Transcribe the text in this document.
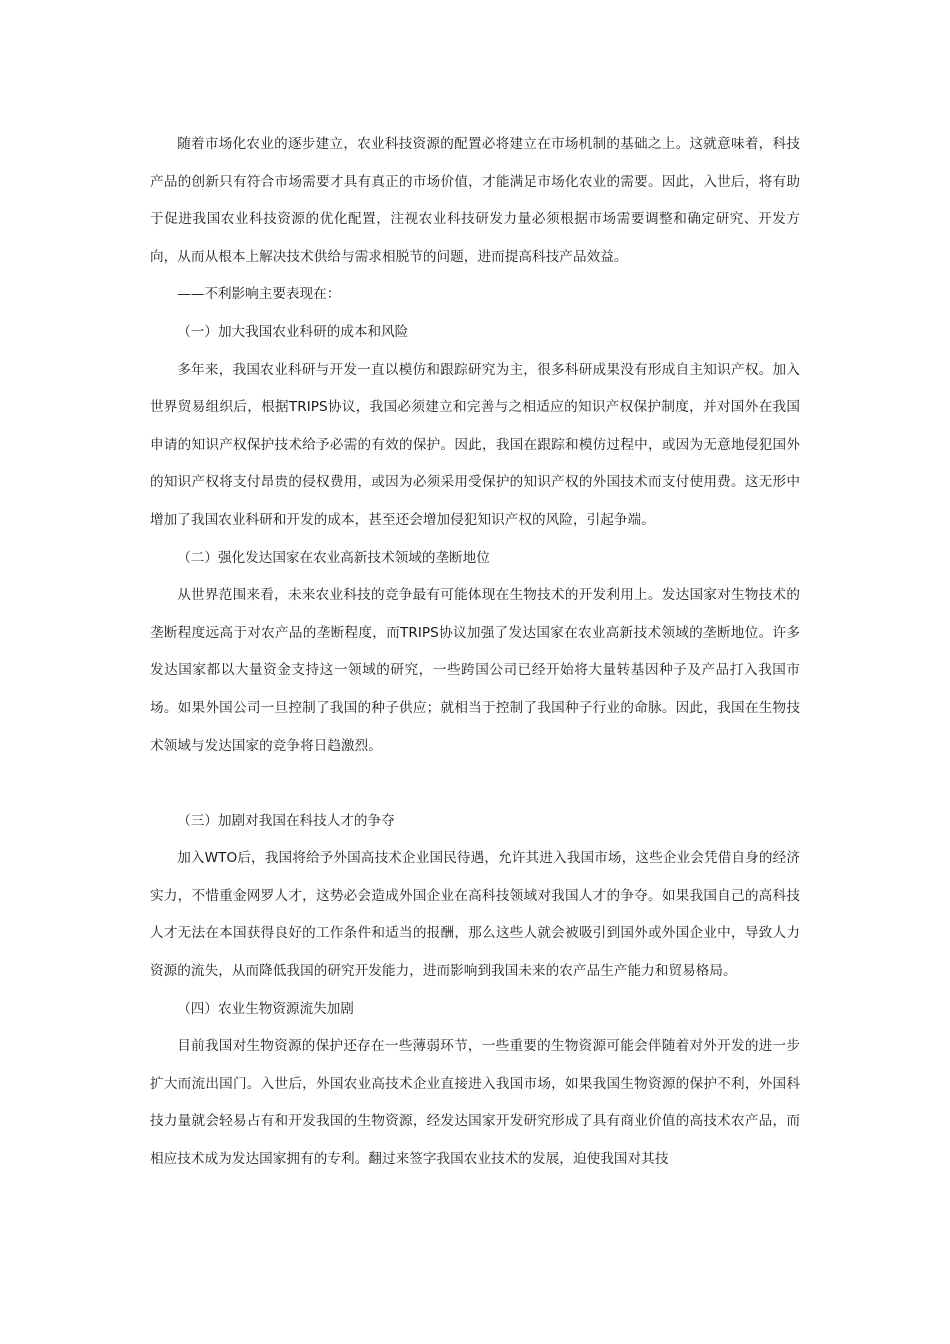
随着市场化农业的逐步建立，农业科技资源的配置必将建立在市场机制的基础之上。这就意味着，科技产品的创新只有符合市场需要才具有真正的市场价值，才能满足市场化农业的需要。因此，入世后，将有助于促进我国农业科技资源的优化配置，注视农业科技研发力量必须根据市场需要调整和确定研究、开发方向，从而从根本上解决技术供给与需求相脱节的问题，进而提高科技产品效益。

——不利影响主要表现在：

（一）加大我国农业科研的成本和风险

多年来，我国农业科研与开发一直以模仿和跟踪研究为主，很多科研成果没有形成自主知识产权。加入世界贸易组织后，根据TRIPS协议，我国必须建立和完善与之相适应的知识产权保护制度，并对国外在我国申请的知识产权保护技术给予必需的有效的保护。因此，我国在跟踪和模仿过程中，或因为无意地侵犯国外的知识产权将支付昂贵的侵权费用，或因为必须采用受保护的知识产权的外国技术而支付使用费。这无形中增加了我国农业科研和开发的成本，甚至还会增加侵犯知识产权的风险，引起争端。

（二）强化发达国家在农业高新技术领域的垄断地位

从世界范围来看，未来农业科技的竞争最有可能体现在生物技术的开发利用上。发达国家对生物技术的垄断程度远高于对农产品的垄断程度，而TRIPS协议加强了发达国家在农业高新技术领域的垄断地位。许多发达国家都以大量资金支持这一领域的研究，一些跨国公司已经开始将大量转基因种子及产品打入我国市场。如果外国公司一旦控制了我国的种子供应；就相当于控制了我国种子行业的命脉。因此，我国在生物技术领域与发达国家的竞争将日趋激烈。

（三）加剧对我国在科技人才的争夺

加入WTO后，我国将给予外国高技术企业国民待遇，允许其进入我国市场，这些企业会凭借自身的经济实力，不惜重金网罗人才，这势必会造成外国企业在高科技领域对我国人才的争夺。如果我国自己的高科技人才无法在本国获得良好的工作条件和适当的报酬，那么这些人就会被吸引到国外或外国企业中，导致人力资源的流失，从而降低我国的研究开发能力，进而影响到我国未来的农产品生产能力和贸易格局。

（四）农业生物资源流失加剧

目前我国对生物资源的保护还存在一些薄弱环节，一些重要的生物资源可能会伴随着对外开发的进一步扩大而流出国门。入世后，外国农业高技术企业直接进入我国市场，如果我国生物资源的保护不利，外国科技力量就会轻易占有和开发我国的生物资源，经发达国家开发研究形成了具有商业价值的高技术农产品，而相应技术成为发达国家拥有的专利。翻过来签字我国农业技术的发展，迫使我国对其技
